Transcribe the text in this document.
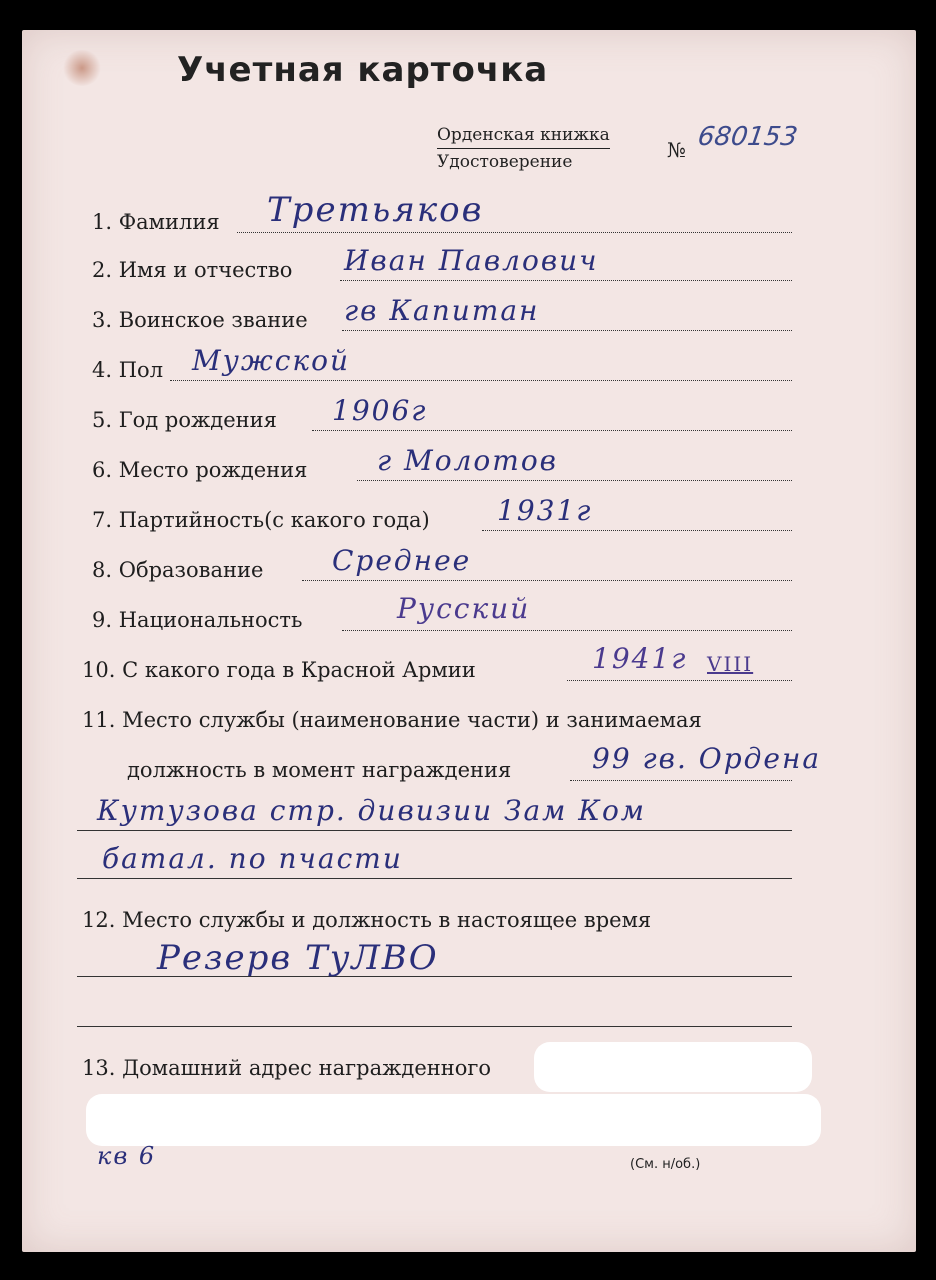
Учетная карточка
Орденская книжка
Удостоверение	№ 680153
1. Фамилия Третьяков
2. Имя и отчество Иван Павлович
3. Воинское звание гв Капитан
4. Пол Мужской
5. Год рождения 1906г
6. Место рождения г Молотов
7. Партийность(с какого года) 1931г
8. Образование Среднее
9. Национальность	Русский
10. С какого года в Красной Армии	1941г VIII
11. Место службы (наименование части) и занимаемая
должность в момент награждения	99 гв. Ордена
Кутузова стр. дивизии Зам Ком
батал. по пчасти
12. Место службы и должность в настоящее время
Резерв ТуЛВО
13. Домашний адрес награжденного
кв 6	(См. н/об.)
